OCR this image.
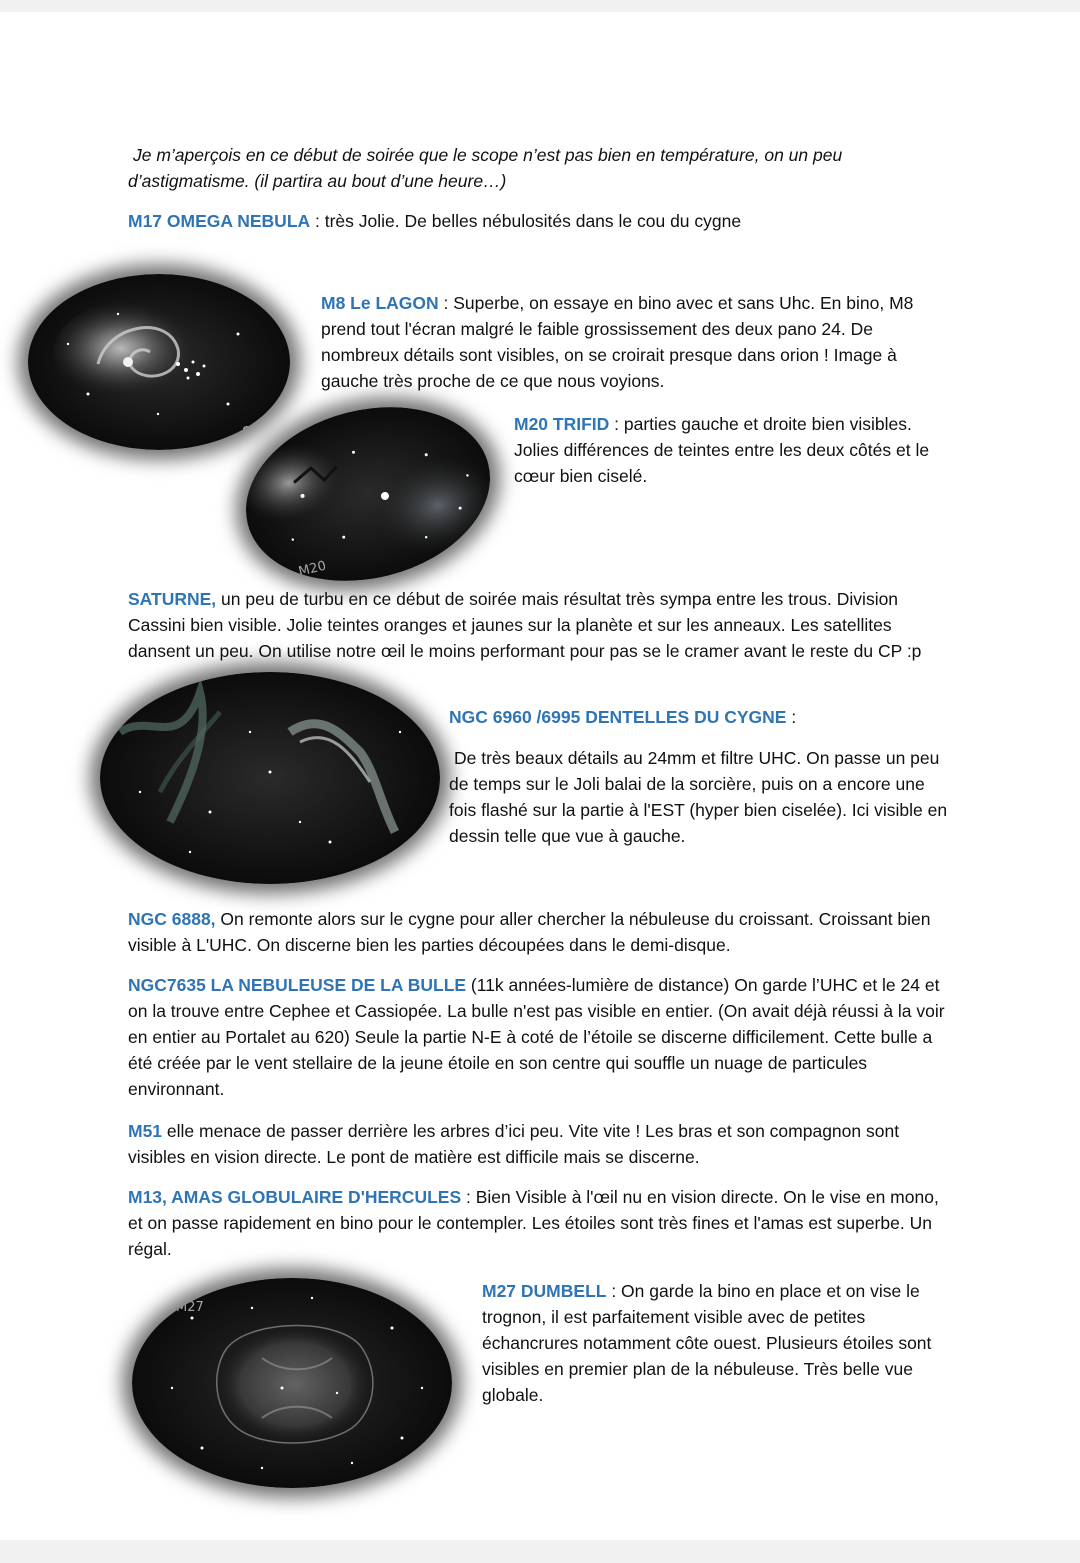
Je m’aperçois en ce début de soirée que le scope n’est pas bien en température, on un peu d’astigmatisme. (il partira au bout d’une heure…)

M17 OMEGA NEBULA : très Jolie. De belles nébulosités dans le cou du cygne

M8

M8 Le LAGON : Superbe, on essaye en bino avec et sans Uhc. En bino, M8 prend tout l'écran malgré le faible grossissement des deux pano 24. De nombreux détails sont visibles, on se croirait presque dans orion ! Image à gauche très proche de ce que nous voyions.

M20

M20 TRIFID : parties gauche et droite bien visibles. Jolies différences de teintes entre les deux côtés et le cœur bien ciselé.

SATURNE, un peu de turbu en ce début de soirée mais résultat très sympa entre les trous. Division Cassini bien visible. Jolie teintes oranges et jaunes sur la planète et sur les anneaux. Les satellites dansent un peu. On utilise notre œil le moins performant pour pas se le cramer avant le reste du CP :p

NGC 6960 /6995 DENTELLES DU CYGNE :

De très beaux détails au 24mm et filtre UHC. On passe un peu de temps sur le Joli balai de la sorcière, puis on a encore une fois flashé sur la partie à l'EST (hyper bien ciselée). Ici visible en dessin telle que vue à gauche.

NGC 6888, On remonte alors sur le cygne pour aller chercher la nébuleuse du croissant. Croissant bien visible à L'UHC. On discerne bien les parties découpées dans le demi-disque.

NGC7635 LA NEBULEUSE DE LA BULLE (11k années-lumière de distance) On garde l’UHC et le 24 et on la trouve entre Cephee et Cassiopée. La bulle n'est pas visible en entier. (On avait déjà réussi à la voir en entier au Portalet au 620) Seule la partie N-E à coté de l’étoile se discerne difficilement. Cette bulle a été créée par le vent stellaire de la jeune étoile en son centre qui souffle un nuage de particules environnant.

M51 elle menace de passer derrière les arbres d’ici peu. Vite vite ! Les bras et son compagnon sont visibles en vision directe. Le pont de matière est difficile mais se discerne.

M13, AMAS GLOBULAIRE D'HERCULES : Bien Visible à l'œil nu en vision directe. On le vise en mono, et on passe rapidement en bino pour le contempler. Les étoiles sont très fines et l'amas est superbe. Un régal.

M27

M27 DUMBELL : On garde la bino en place et on vise le trognon, il est parfaitement visible avec de petites échancrures notamment côte ouest. Plusieurs étoiles sont visibles en premier plan de la nébuleuse. Très belle vue globale.
